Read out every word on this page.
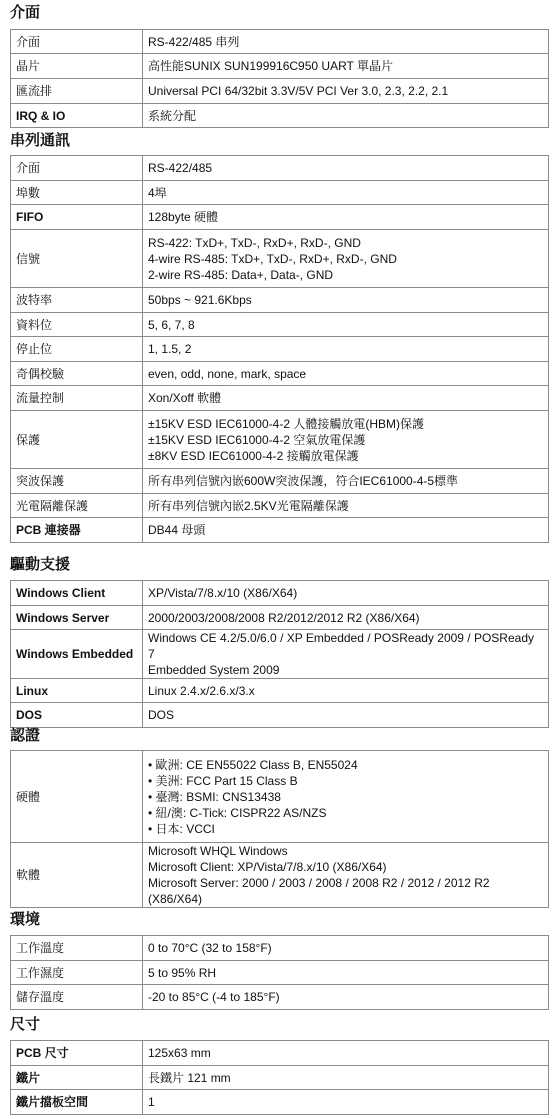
介面
介面	RS-422/485 串列
晶片	高性能SUNIX SUN199916C950 UART 單晶片
匯流排	Universal PCI 64/32bit 3.3V/5V PCI Ver 3.0, 2.3, 2.2, 2.1
IRQ & IO	系統分配
串列通訊
介面	RS-422/485
埠數	4埠
FIFO	128byte 硬體
信號	RS-422: TxD+, TxD-, RxD+, RxD-, GND
4-wire RS-485: TxD+, TxD-, RxD+, RxD-, GND
2-wire RS-485: Data+, Data-, GND

波特率	50bps ~ 921.6Kbps
資料位	5, 6, 7, 8
停止位	1, 1.5, 2
奇偶校驗	even, odd, none, mark, space
流量控制	Xon/Xoff 軟體
保護	±15KV ESD IEC61000-4-2 人體接觸放電(HBM)保護
±15KV ESD IEC61000-4-2 空氣放電保護
±8KV ESD IEC61000-4-2 接觸放電保護

突波保護	所有串列信號內嵌600W突波保護，符合IEC61000-4-5標準
光電隔離保護	所有串列信號內嵌2.5KV光電隔離保護
PCB 連接器	DB44 母頭
驅動支援
Windows Client	XP/Vista/7/8.x/10 (X86/X64)
Windows Server	2000/2003/2008/2008 R2/2012/2012 R2 (X86/X64)
Windows Embedded	Windows CE 4.2/5.0/6.0 / XP Embedded / POSReady 2009 / POSReady 7
Embedded System 2009

Linux	Linux 2.4.x/2.6.x/3.x
DOS	DOS
認證
硬體	• 歐洲: CE EN55022 Class B, EN55024
• 美洲: FCC Part 15 Class B
• 臺灣: BSMI: CNS13438
• 紐/澳: C-Tick: CISPR22 AS/NZS
• 日本: VCCI

軟體	Microsoft WHQL Windows
Microsoft Client: XP/Vista/7/8.x/10 (X86/X64)
Microsoft Server: 2000 / 2003 / 2008 / 2008 R2 / 2012 / 2012 R2 (X86/X64)
環境
工作溫度	0 to 70°C (32 to 158°F)
工作濕度	5 to 95% RH
儲存溫度	-20 to 85°C (-4 to 185°F)
尺寸
PCB 尺寸	125x63 mm
鐵片	長鐵片 121 mm
鐵片擋板空間	1
